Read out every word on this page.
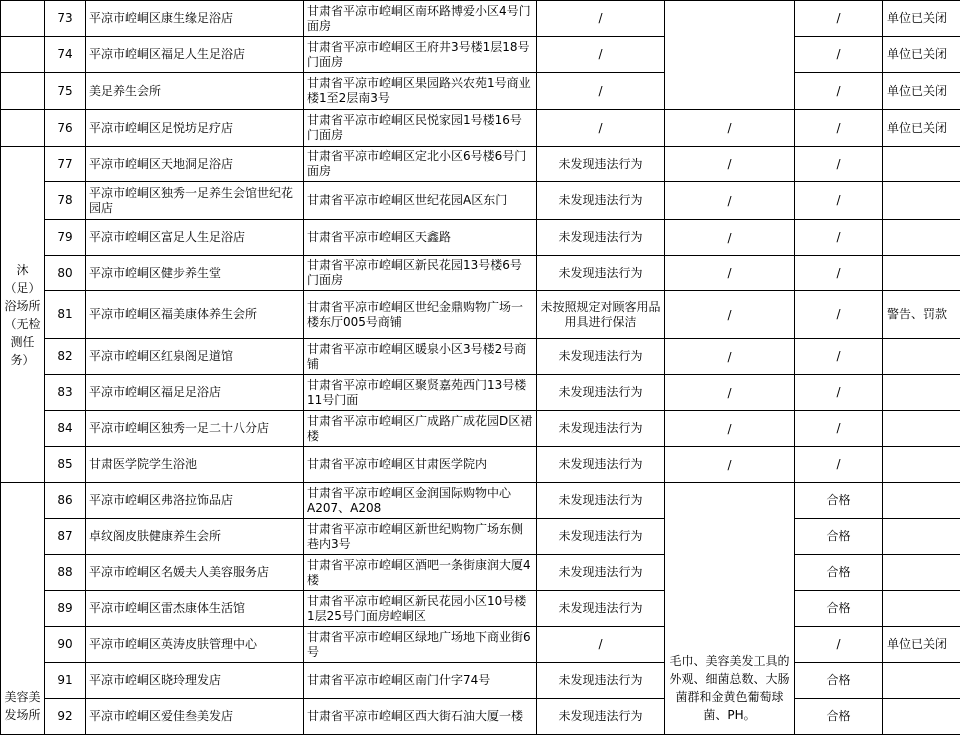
	73	平凉市崆峒区康生缘足浴店	甘肃省平凉市崆峒区南环路博爱小区4号门面房	/		/	单位已关闭
	74	平凉市崆峒区福足人生足浴店	甘肃省平凉市崆峒区王府井3号楼1层18号门面房	/		/	单位已关闭
	75	美足养生会所	甘肃省平凉市崆峒区果园路兴农苑1号商业楼1至2层南3号	/		/	单位已关闭
	76	平凉市崆峒区足悦坊足疗店	甘肃省平凉市崆峒区民悦家园1号楼16号门面房	/	/	/	单位已关闭
沐（足）浴场所（无检测任务）	77	平凉市崆峒区天地洞足浴店	甘肃省平凉市崆峒区定北小区6号楼6号门面房	未发现违法行为	/	/	
	78	平凉市崆峒区独秀一足养生会馆世纪花园店	甘肃省平凉市崆峒区世纪花园A区东门	未发现违法行为	/	/	
	79	平凉市崆峒区富足人生足浴店	甘肃省平凉市崆峒区天鑫路	未发现违法行为	/	/	
	80	平凉市崆峒区健步养生堂	甘肃省平凉市崆峒区新民花园13号楼6号门面房	未发现违法行为	/	/	
	81	平凉市崆峒区福美康体养生会所	甘肃省平凉市崆峒区世纪金鼎购物广场一楼东厅005号商铺	未按照规定对顾客用品用具进行保洁	/	/	警告、罚款
	82	平凉市崆峒区红泉阁足道馆	甘肃省平凉市崆峒区暖泉小区3号楼2号商铺	未发现违法行为	/	/	
	83	平凉市崆峒区福足足浴店	甘肃省平凉市崆峒区聚贤嘉苑西门13号楼11号门面	未发现违法行为	/	/	
	84	平凉市崆峒区独秀一足二十八分店	甘肃省平凉市崆峒区广成路广成花园D区裙楼	未发现违法行为	/	/	
	85	甘肃医学院学生浴池	甘肃省平凉市崆峒区甘肃医学院内	未发现违法行为	/	/	
美容美发场所	86	平凉市崆峒区弗洛拉饰品店	甘肃省平凉市崆峒区金润国际购物中心A207、A208	未发现违法行为	毛巾、美容美发工具的外观、细菌总数、大肠菌群和金黄色葡萄球菌、PH。	合格	
	87	卓纹阁皮肤健康养生会所	甘肃省平凉市崆峒区新世纪购物广场东侧巷内3号	未发现违法行为		合格	
	88	平凉市崆峒区名媛夫人美容服务店	甘肃省平凉市崆峒区酒吧一条街康润大厦4楼	未发现违法行为		合格	
	89	平凉市崆峒区雷杰康体生活馆	甘肃省平凉市崆峒区新民花园小区10号楼1层25号门面房崆峒区	未发现违法行为		合格	
	90	平凉市崆峒区英涛皮肤管理中心	甘肃省平凉市崆峒区绿地广场地下商业街6号	/		/	单位已关闭
	91	平凉市崆峒区晓玲理发店	甘肃省平凉市崆峒区南门什字74号	未发现违法行为		合格	
	92	平凉市崆峒区爱佳叁美发店	甘肃省平凉市崆峒区西大街石油大厦一楼	未发现违法行为		合格	
